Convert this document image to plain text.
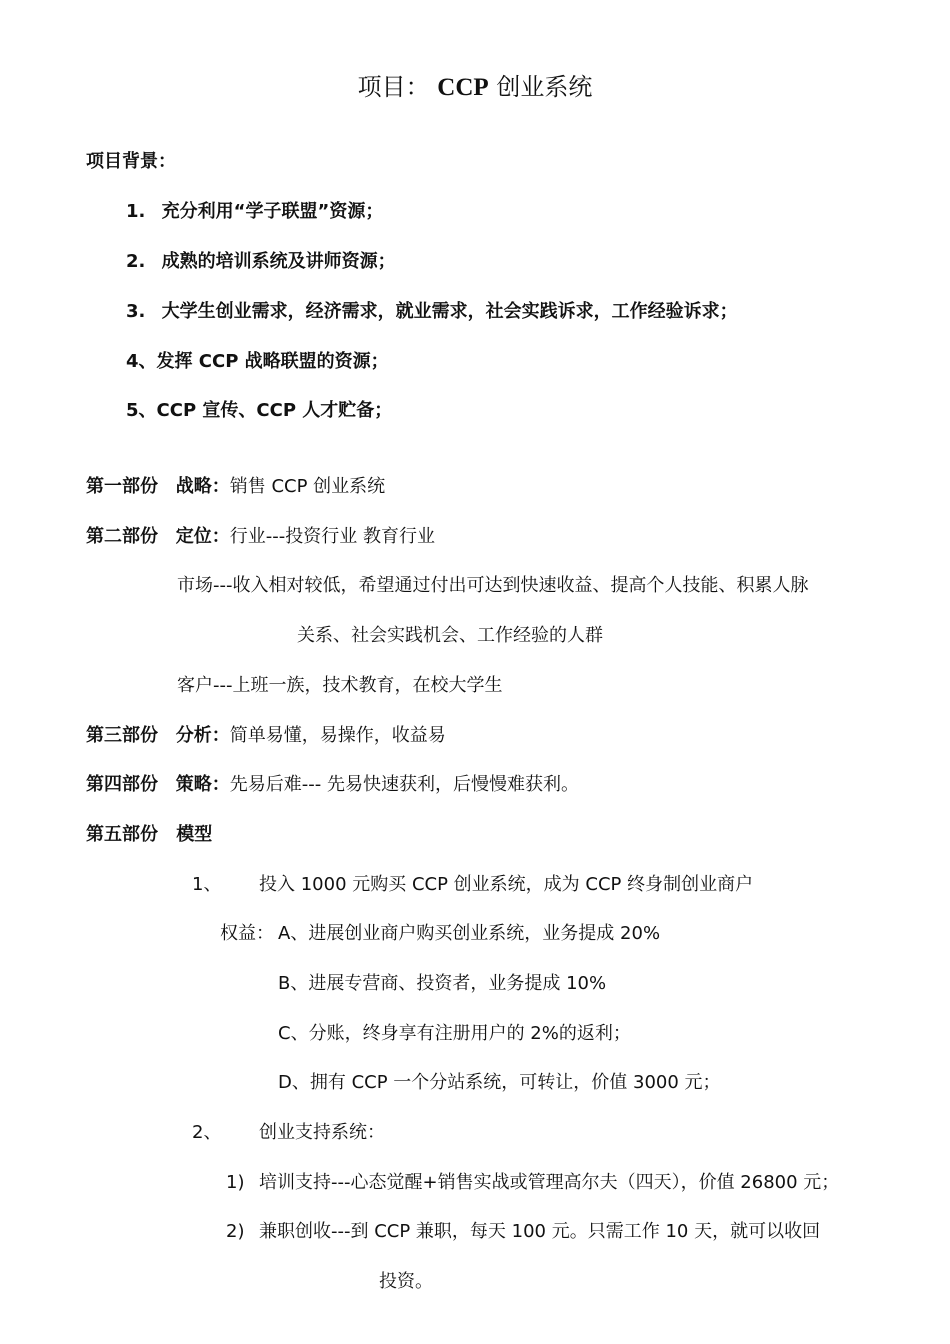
项目： CCP 创业系统
项目背景：
1. 充分利用“学子联盟”资源；
2. 成熟的培训系统及讲师资源；
3. 大学生创业需求，经济需求，就业需求，社会实践诉求，工作经验诉求；
4、发挥 CCP 战略联盟的资源；
5、CCP 宣传、CCP 人才贮备；
第一部份 战略：销售 CCP 创业系统
第二部份 定位：行业---投资行业 教育行业
市场---收入相对较低，希望通过付出可达到快速收益、提高个人技能、积累人脉
关系、社会实践机会、工作经验的人群
客户---上班一族，技术教育，在校大学生
第三部份 分析：简单易懂，易操作，收益易
第四部份 策略：先易后难--- 先易快速获利，后慢慢难获利。
第五部份 模型
1、 投入 1000 元购买 CCP 创业系统，成为 CCP 终身制创业商户
权益： A、进展创业商户购买创业系统，业务提成 20%
B、进展专营商、投资者，业务提成 10%
C、分账，终身享有注册用户的 2%的返利；
D、拥有 CCP 一个分站系统，可转让，价值 3000 元；
2、 创业支持系统：
1) 培训支持---心态觉醒+销售实战或管理高尔夫（四天），价值 26800 元；
2) 兼职创收---到 CCP 兼职，每天 100 元。只需工作 10 天，就可以收回
投资。
